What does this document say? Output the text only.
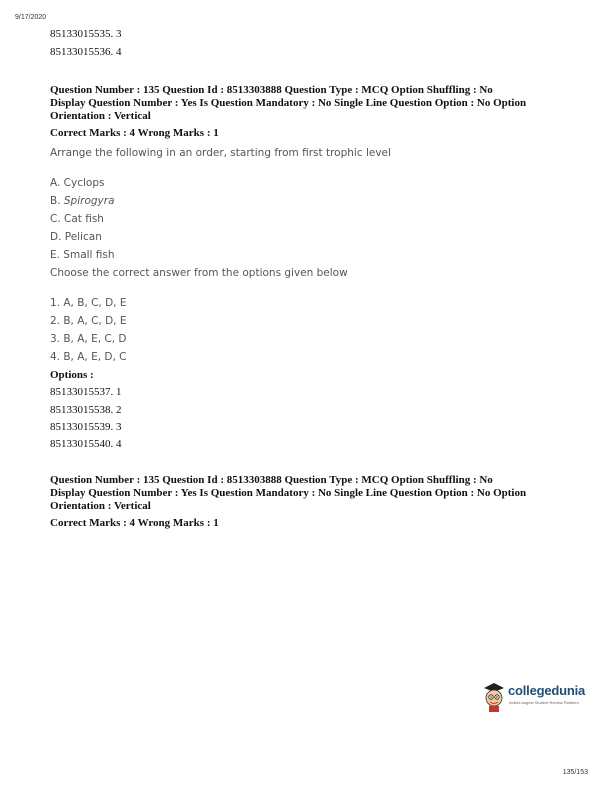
9/17/2020
85133015535. 3
85133015536. 4
Question Number : 135 Question Id : 8513303888 Question Type : MCQ Option Shuffling : No
Display Question Number : Yes Is Question Mandatory : No Single Line Question Option : No Option
Orientation : Vertical
Correct Marks : 4 Wrong Marks : 1
Arrange the following in an order, starting from first trophic level
A. Cyclops
B. Spirogyra
C. Cat fish
D. Pelican
E. Small fish
Choose the correct answer from the options given below
1. A, B, C, D, E
2. B, A, C, D, E
3. B, A, E, C, D
4. B, A, E, D, C
Options :
85133015537. 1
85133015538. 2
85133015539. 3
85133015540. 4
Question Number : 135 Question Id : 8513303888 Question Type : MCQ Option Shuffling : No
Display Question Number : Yes Is Question Mandatory : No Single Line Question Option : No Option
Orientation : Vertical
Correct Marks : 4 Wrong Marks : 1
collegedunia
India's largest Student Review Platform
135/153
